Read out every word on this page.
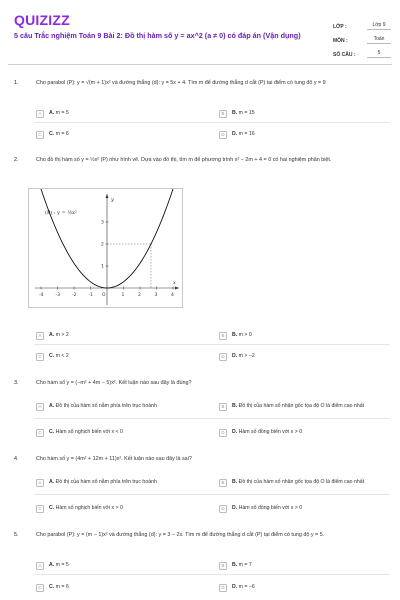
QUIZIZZ
5 câu Trắc nghiệm Toán 9 Bài 2: Đồ thị hàm số y = ax^2 (a ≠ 0) có đáp án (Vận dụng)
LỚP :	Lớp 9
MÔN :	Toán
SỐ CÂU :	5
1.	Cho parabol (P): y = √(m + 1)x² và đường thẳng (d): y = 5x + 4. Tìm m để đường thẳng d cắt (P) tại điểm có tung độ y = 9
A	A. m = 5	B	B. m = 15
C	C. m = 6	D	D. m = 16
2.	Cho đồ thị hàm số y = ½x² (P) như hình vẽ. Dựa vào đồ thị, tìm m để phương trình x² − 2m + 4 = 0 có hai nghiệm phân biệt.
A	A. m > 2	B	B. m > 0
C	C. m < 2	D	D. m > −2
-4	-3	-2	-1 O	1	2	3	4
1
2
3
(P) : y = ½x²
x
y
3.	Cho hàm số y = (−m² + 4m − 5)x². Kết luận nào sau đây là đúng?
A	A. Đồ thị của hàm số nằm phía trên trục hoành	B	B. Đồ thị của hàm số nhận gốc tọa độ O là điểm cao nhất
C	C. Hàm số nghịch biến với x < 0	D	D. Hàm số đồng biến với x > 0
4.	Cho hàm số y = (4m² + 12m + 11)x². Kết luận nào sau đây là sai?
A	A. Đồ thị của hàm số nằm phía trên trục hoành	B	B. Đồ thị của hàm số nhận gốc tọa độ O là điểm cao nhất
C	C. Hàm số nghịch biến với x > 0	D	D. Hàm số đồng biến với x > 0
5.	Cho parabol (P): y = (m − 1)x² và đường thẳng (d): y = 3 − 2x. Tìm m để đường thẳng d cắt (P) tại điểm có tung độ y = 5.
A	A. m = 5	B	B. m = 7
C	C. m = 6	D	D. m = −6
